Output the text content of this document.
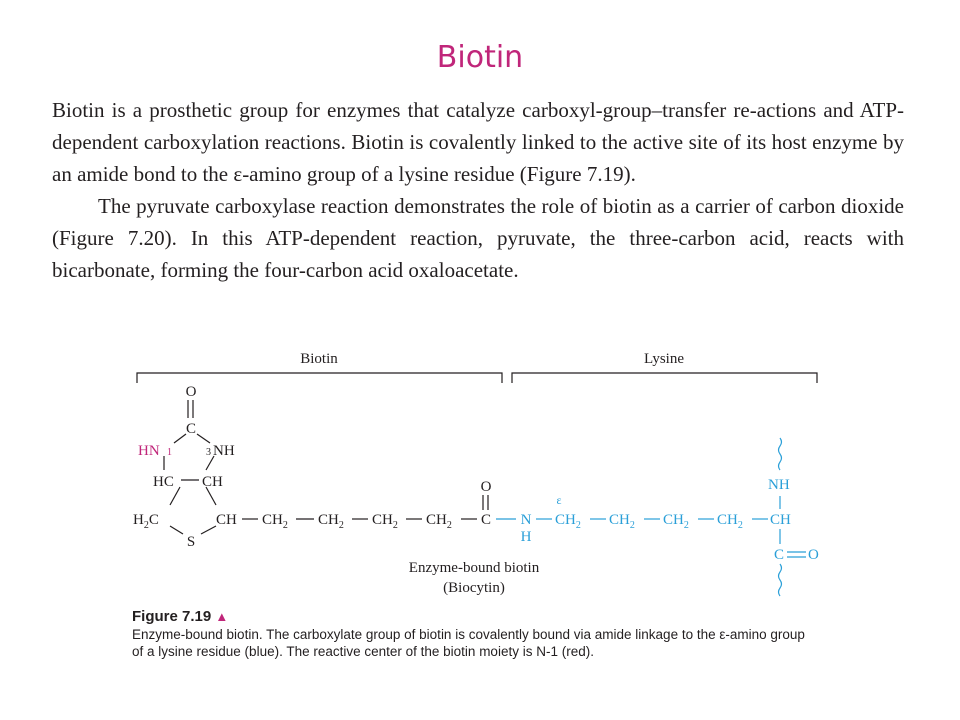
Biotin

Biotin is a prosthetic group for enzymes that catalyze carboxyl-group–transfer re-actions and ATP-dependent carboxylation reactions. Biotin is covalently linked to the active site of its host enzyme by an amide bond to the ε-amino group of a lysine residue (Figure 7.19).

The pyruvate carboxylase reaction demonstrates the role of biotin as a carrier of carbon dioxide (Figure 7.20). In this ATP-dependent reaction, pyruvate, the three-carbon acid, reacts with bicarbonate, forming the four-carbon acid oxaloacetate.

Biotin	Lysine
O
C
3 NH
HC CH
$H_2C$	CH
S
$CH_2$ $CH_2$ $CH_2$ $CH_2$
O
C
HN 1
ε
N
H
$CH_2$ $CH_2$ $CH_2$ $CH_2$ CH
NH
C O
Enzyme-bound biotin
(Biocytin)
Figure 7.19 ▲
Enzyme-bound biotin. The carboxylate group of biotin is covalently bound via amide linkage to the ε-amino group of a lysine residue (blue). The reactive center of the biotin moiety is N-1 (red).
